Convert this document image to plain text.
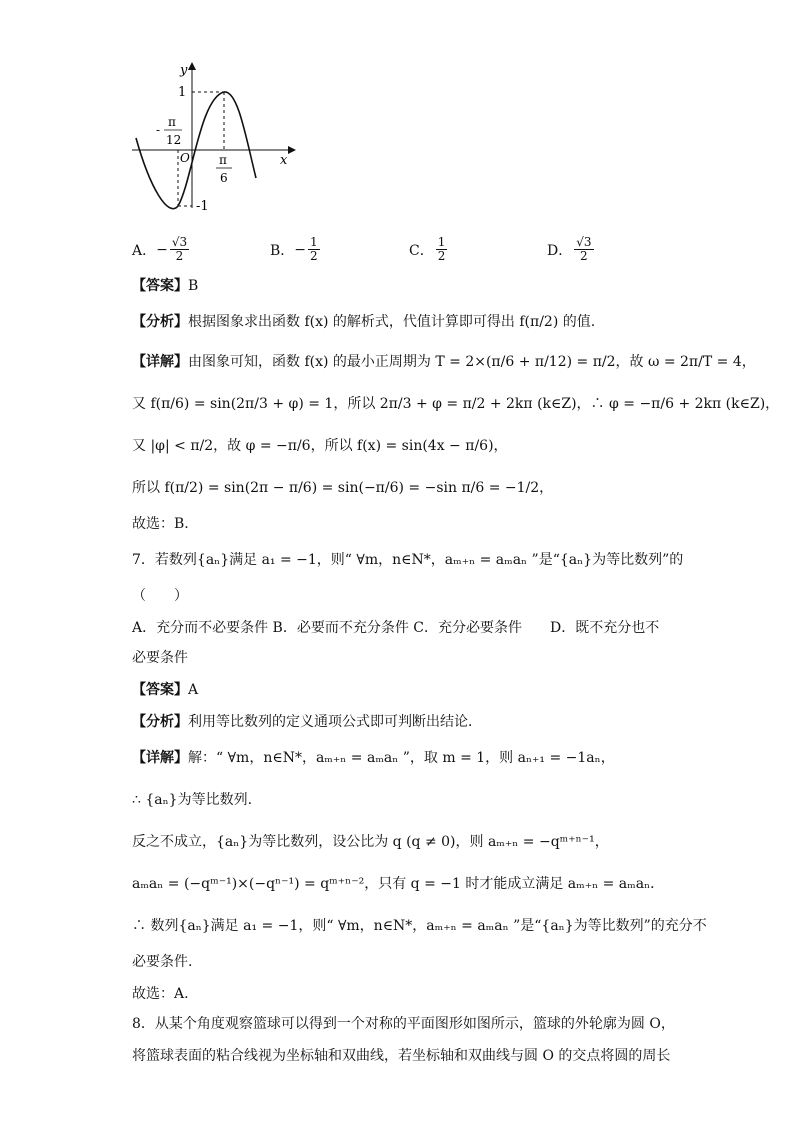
y
x
O
1
-1
-
π
12
π
6
A． − $\frac{√3}{2}$	B． − $\frac{1}{2}$	C． $\frac{1}{2}$	D． $\frac{√3}{2}$
【答案】B
【分析】根据图象求出函数 f(x) 的解析式，代值计算即可得出 f(π/2) 的值.
【详解】由图象可知，函数 f(x) 的最小正周期为 T = 2×(π/6 + π/12) = π/2，故 ω = 2π/T = 4，
又 f(π/6) = sin(2π/3 + φ) = 1，所以 2π/3 + φ = π/2 + 2kπ (k∈Z)，∴ φ = −π/6 + 2kπ (k∈Z)，
又 |φ| < π/2，故 φ = −π/6，所以 f(x) = sin(4x − π/6)，
所以 f(π/2) = sin(2π − π/6) = sin(−π/6) = −sin π/6 = −1/2，
故选：B.
7．若数列{aₙ}满足 a₁ = −1，则“ ∀m，n∈N*，aₘ₊ₙ = aₘaₙ ”是“{aₙ}为等比数列”的
（　　）
A．充分而不必要条件 B．必要而不充分条件 C．充分必要条件　　D．既不充分也不
必要条件
【答案】A
【分析】利用等比数列的定义通项公式即可判断出结论．
【详解】解：“ ∀m，n∈N*，aₘ₊ₙ = aₘaₙ ”，取 m = 1，则 aₙ₊₁ = −1aₙ，
∴ {aₙ}为等比数列.
反之不成立，{aₙ}为等比数列，设公比为 q (q ≠ 0)，则 aₘ₊ₙ = −qᵐ⁺ⁿ⁻¹，
aₘaₙ = (−qᵐ⁻¹)×(−qⁿ⁻¹) = qᵐ⁺ⁿ⁻²，只有 q = −1 时才能成立满足 aₘ₊ₙ = aₘaₙ．
∴ 数列{aₙ}满足 a₁ = −1，则“ ∀m，n∈N*，aₘ₊ₙ = aₘaₙ ”是“{aₙ}为等比数列”的充分不
必要条件.
故选：A.
8．从某个角度观察篮球可以得到一个对称的平面图形如图所示，篮球的外轮廓为圆 O，
将篮球表面的粘合线视为坐标轴和双曲线，若坐标轴和双曲线与圆 O 的交点将圆的周长
